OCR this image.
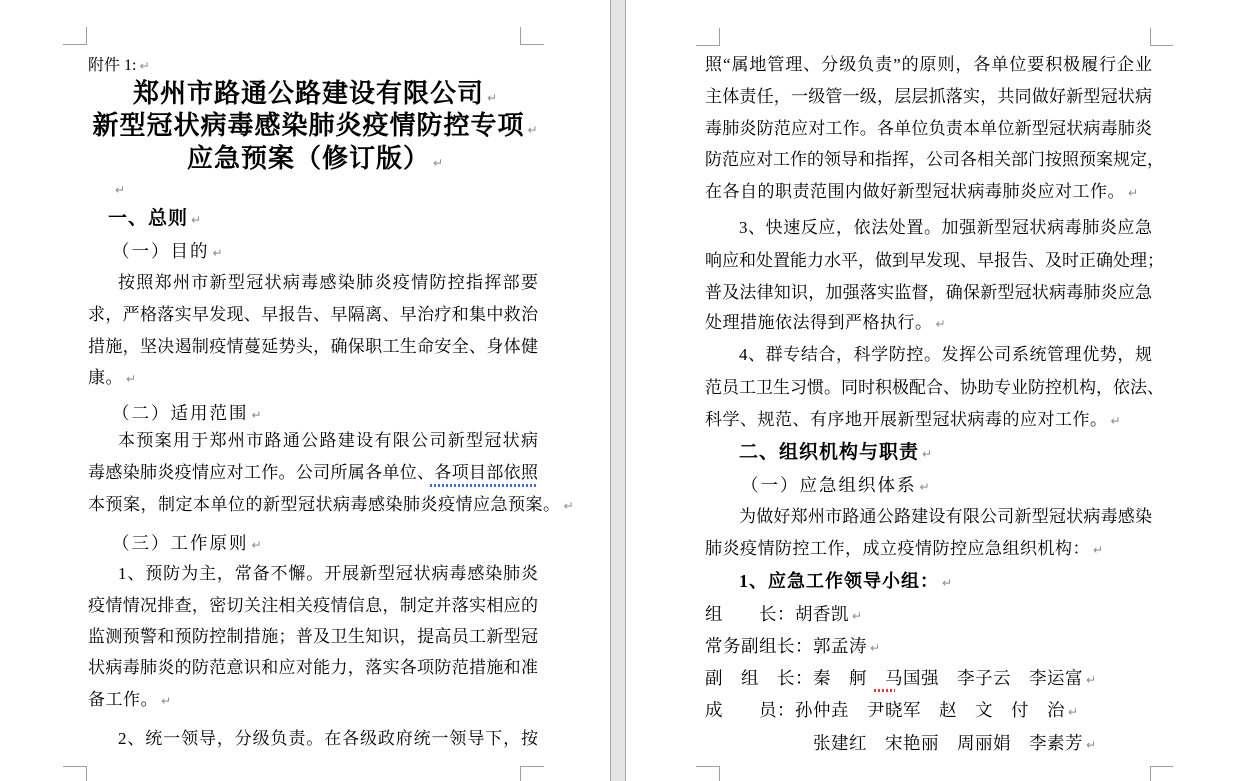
附件 1: ↵
郑州市路通公路建设有限公司 ↵
新型冠状病毒感染肺炎疫情防控专项 ↵
应急预案（修订版） ↵
↵
一、总则 ↵
（一）目的 ↵
按照郑州市新型冠状病毒感染肺炎疫情防控指挥部要
求，严格落实早发现、早报告、早隔离、早治疗和集中救治
措施，坚决遏制疫情蔓延势头，确保职工生命安全、身体健
康。 ↵
（二）适用范围 ↵
本预案用于郑州市路通公路建设有限公司新型冠状病
毒感染肺炎疫情应对工作。公司所属各单位、各项目部依照
本预案，制定本单位的新型冠状病毒感染肺炎疫情应急预案。 ↵
（三）工作原则 ↵
1、预防为主，常备不懈。开展新型冠状病毒感染肺炎
疫情情况排查，密切关注相关疫情信息，制定并落实相应的
监测预警和预防控制措施；普及卫生知识，提高员工新型冠
状病毒肺炎的防范意识和应对能力，落实各项防范措施和准
备工作。 ↵
2、统一领导，分级负责。在各级政府统一领导下，按
照“属地管理、分级负责”的原则，各单位要积极履行企业
主体责任，一级管一级，层层抓落实，共同做好新型冠状病
毒肺炎防范应对工作。各单位负责本单位新型冠状病毒肺炎
防范应对工作的领导和指挥，公司各相关部门按照预案规定，
在各自的职责范围内做好新型冠状病毒肺炎应对工作。 ↵
3、快速反应，依法处置。加强新型冠状病毒肺炎应急
响应和处置能力水平，做到早发现、早报告、及时正确处理；
普及法律知识，加强落实监督，确保新型冠状病毒肺炎应急
处理措施依法得到严格执行。 ↵
4、群专结合，科学防控。发挥公司系统管理优势，规
范员工卫生习惯。同时积极配合、协助专业防控机构，依法、
科学、规范、有序地开展新型冠状病毒的应对工作。 ↵
二、组织机构与职责 ↵
（一）应急组织体系 ↵
为做好郑州市路通公路建设有限公司新型冠状病毒感染
肺炎疫情防控工作，成立疫情防控应急组织机构： ↵
1、应急工作领导小组： ↵
组　　长：胡香凯 ↵
常务副组长：郭孟涛 ↵
副　组　长：秦　舸　马国强　李子云　李运富 ↵
成　　员：孙仲垚　尹晓军　赵　文　付　治 ↵
　　　　　　张建红　宋艳丽　周丽娟　李素芳 ↵
